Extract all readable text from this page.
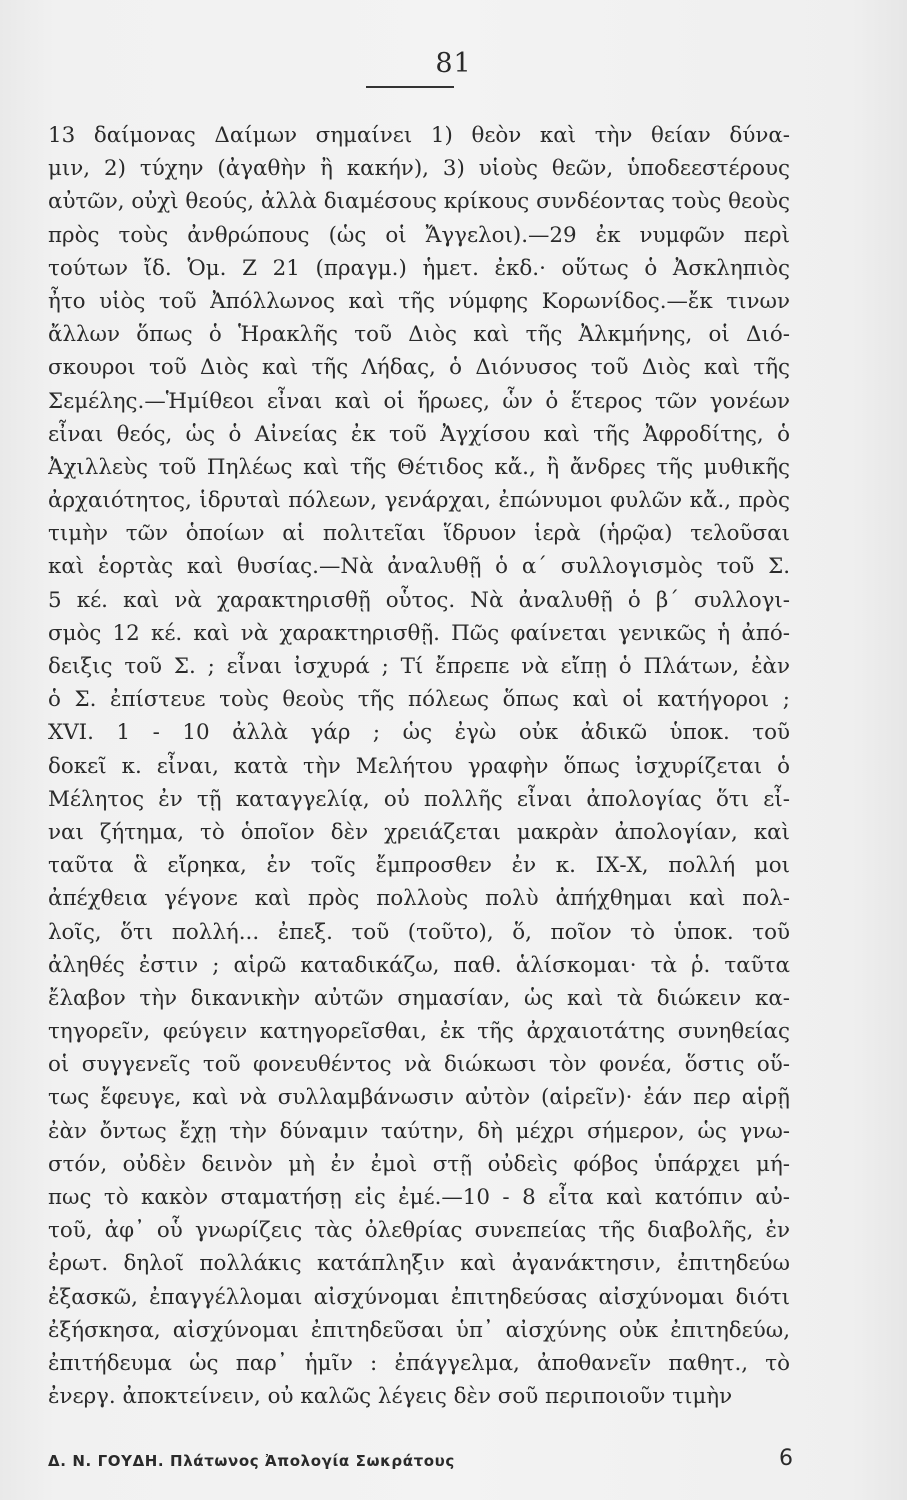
81
13 δαίμονας Δαίμων σημαίνει 1) θεὸν καὶ τὴν θείαν δύνα-
μιν, 2) τύχην (ἀγαθὴν ἢ κακήν), 3) υἱοὺς θεῶν, ὑποδεεστέρους
αὐτῶν, οὐχὶ θεούς, ἀλλὰ διαμέσους κρίκους συνδέοντας τοὺς θεοὺς
πρὸς τοὺς ἀνθρώπους (ὡς οἱ Ἄγγελοι).—29 ἐκ νυμφῶν περὶ
τούτων ἴδ. Ὁμ. Ζ 21 (πραγμ.) ἡμετ. ἐκδ.· οὕτως ὁ Ἀσκληπιὸς
ἦτο υἱὸς τοῦ Ἀπόλλωνος καὶ τῆς νύμφης Κορωνίδος.—ἔκ τινων
ἄλλων ὅπως ὁ Ἡρακλῆς τοῦ Διὸς καὶ τῆς Ἀλκμήνης, οἱ Διό-
σκουροι τοῦ Διὸς καὶ τῆς Λήδας, ὁ Διόνυσος τοῦ Διὸς καὶ τῆς
Σεμέλης.—Ἡμίθεοι εἶναι καὶ οἱ ἥρωες, ὧν ὁ ἕτερος τῶν γονέων
εἶναι θεός, ὡς ὁ Αἰνείας ἐκ τοῦ Ἀγχίσου καὶ τῆς Ἀφροδίτης, ὁ
Ἀχιλλεὺς τοῦ Πηλέως καὶ τῆς Θέτιδος κἄ., ἢ ἄνδρες τῆς μυθικῆς
ἀρχαιότητος, ἱδρυταὶ πόλεων, γενάρχαι, ἐπώνυμοι φυλῶν κἄ., πρὸς
τιμὴν τῶν ὁποίων αἱ πολιτεῖαι ἵδρυον ἱερὰ (ἡρῷα) τελοῦσαι
καὶ ἑορτὰς καὶ θυσίας.—Νὰ ἀναλυθῇ ὁ α΄ συλλογισμὸς τοῦ Σ.
5 κέ. καὶ νὰ χαρακτηρισθῇ οὗτος. Νὰ ἀναλυθῇ ὁ β΄ συλλογι-
σμὸς 12 κέ. καὶ νὰ χαρακτηρισθῇ. Πῶς φαίνεται γενικῶς ἡ ἀπό-
δειξις τοῦ Σ. ; εἶναι ἰσχυρά ; Τί ἔπρεπε νὰ εἴπῃ ὁ Πλάτων, ἐὰν
ὁ Σ. ἐπίστευε τοὺς θεοὺς τῆς πόλεως ὅπως καὶ οἱ κατήγοροι ;
ΧVΙ. 1 - 10 ἀλλὰ γάρ ; ὡς ἐγὼ οὐκ ἀδικῶ ὑποκ. τοῦ
δοκεῖ κ. εἶναι, κατὰ τὴν Μελήτου γραφὴν ὅπως ἰσχυρίζεται ὁ
Μέλητος ἐν τῇ καταγγελίᾳ, οὐ πολλῆς εἶναι ἀπολογίας ὅτι εἶ-
ναι ζήτημα, τὸ ὁποῖον δὲν χρειάζεται μακρὰν ἀπολογίαν, καὶ
ταῦτα ἃ εἴρηκα, ἐν τοῖς ἔμπροσθεν ἐν κ. ΙΧ-Χ, πολλή μοι
ἀπέχθεια γέγονε καὶ πρὸς πολλοὺς πολὺ ἀπήχθημαι καὶ πολ-
λοῖς, ὅτι πολλή... ἐπεξ. τοῦ (τοῦτο), ὅ, ποῖον τὸ ὑποκ. τοῦ
ἀληθές ἐστιν ; αἱρῶ καταδικάζω, παθ. ἁλίσκομαι· τὰ ῥ. ταῦτα
ἔλαβον τὴν δικανικὴν αὐτῶν σημασίαν, ὡς καὶ τὰ διώκειν κα-
τηγορεῖν, φεύγειν κατηγορεῖσθαι, ἐκ τῆς ἀρχαιοτάτης συνηθείας
οἱ συγγενεῖς τοῦ φονευθέντος νὰ διώκωσι τὸν φονέα, ὅστις οὕ-
τως ἔφευγε, καὶ νὰ συλλαμβάνωσιν αὐτὸν (αἱρεῖν)· ἐάν περ αἱρῇ
ἐὰν ὄντως ἔχῃ τὴν δύναμιν ταύτην, δὴ μέχρι σήμερον, ὡς γνω-
στόν, οὐδὲν δεινὸν μὴ ἐν ἐμοὶ στῇ οὐδεὶς φόβος ὑπάρχει μή-
πως τὸ κακὸν σταματήσῃ εἰς ἐμέ.—10 - 8 εἶτα καὶ κατόπιν αὐ-
τοῦ, ἀφ᾽ οὗ γνωρίζεις τὰς ὀλεθρίας συνεπείας τῆς διαβολῆς, ἐν
ἐρωτ. δηλοῖ πολλάκις κατάπληξιν καὶ ἀγανάκτησιν, ἐπιτηδεύω
ἐξασκῶ, ἐπαγγέλλομαι αἰσχύνομαι ἐπιτηδεύσας αἰσχύνομαι διότι
ἐξήσκησα, αἰσχύνομαι ἐπιτηδεῦσαι ὑπ᾽ αἰσχύνης οὐκ ἐπιτηδεύω,
ἐπιτήδευμα ὡς παρ᾽ ἡμῖν : ἐπάγγελμα, ἀποθανεῖν παθητ., τὸ
ἐνεργ. ἀποκτείνειν, οὐ καλῶς λέγεις δὲν σοῦ περιποιοῦν τιμὴν
Δ. Ν. ΓΟΥΔΗ. Πλάτωνος Ἀπολογία Σωκράτους	6
